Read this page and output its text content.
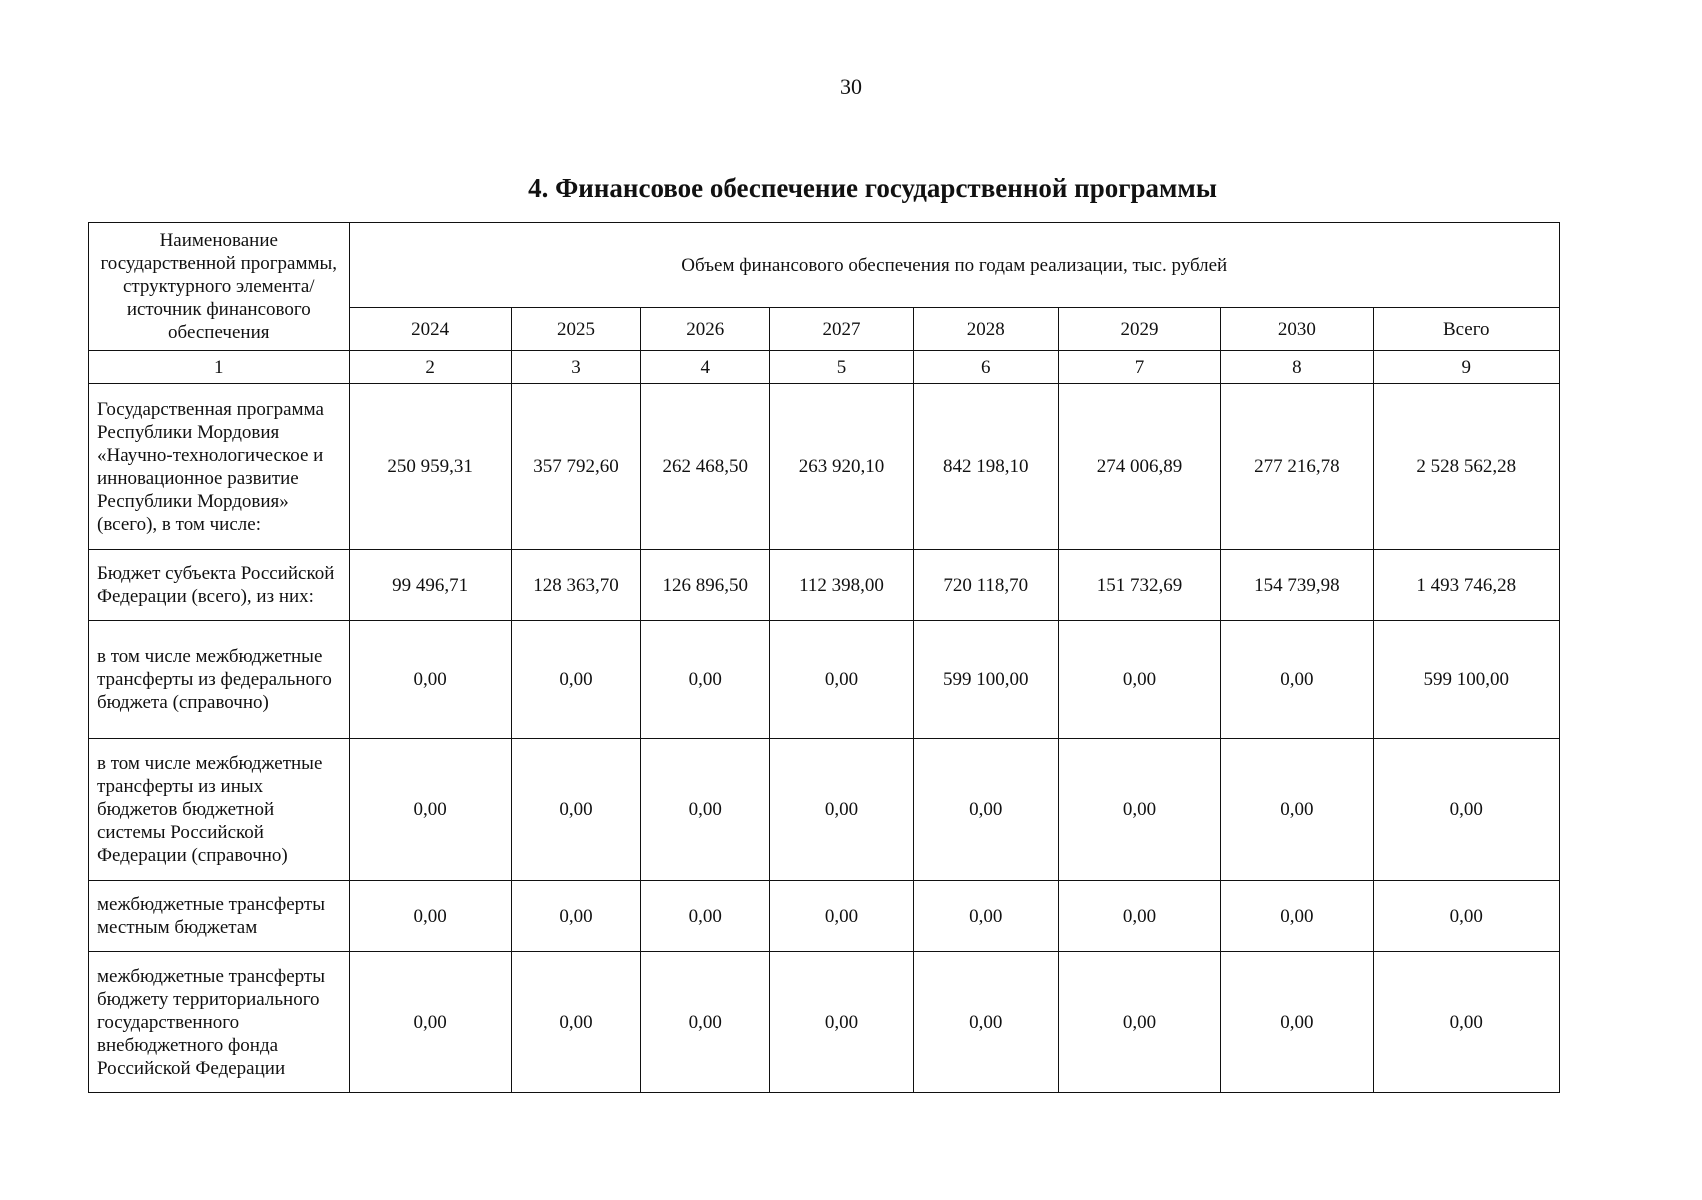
30
4. Финансовое обеспечение государственной программы
Наименование государственной программы, структурного элемента/источник финансового обеспечения	Объем финансового обеспечения по годам реализации, тыс. рублей							
	2024	2025	2026	2027	2028	2029	2030	Всего
1	2	3	4	5	6	7	8	9
Государственная программа Республики Мордовия «Научно-технологическое и инновационное развитие Республики Мордовия» (всего), в том числе:	250 959,31	357 792,60	262 468,50	263 920,10	842 198,10	274 006,89	277 216,78	2 528 562,28
Бюджет субъекта Российской Федерации (всего), из них:	99 496,71	128 363,70	126 896,50	112 398,00	720 118,70	151 732,69	154 739,98	1 493 746,28
в том числе межбюджетные трансферты из федерального бюджета (справочно)	0,00	0,00	0,00	0,00	599 100,00	0,00	0,00	599 100,00
в том числе межбюджетные трансферты из иных бюджетов бюджетной системы Российской Федерации (справочно)	0,00	0,00	0,00	0,00	0,00	0,00	0,00	0,00
межбюджетные трансферты местным бюджетам	0,00	0,00	0,00	0,00	0,00	0,00	0,00	0,00
межбюджетные трансферты бюджету территориального государственного внебюджетного фонда Российской Федерации	0,00	0,00	0,00	0,00	0,00	0,00	0,00	0,00
